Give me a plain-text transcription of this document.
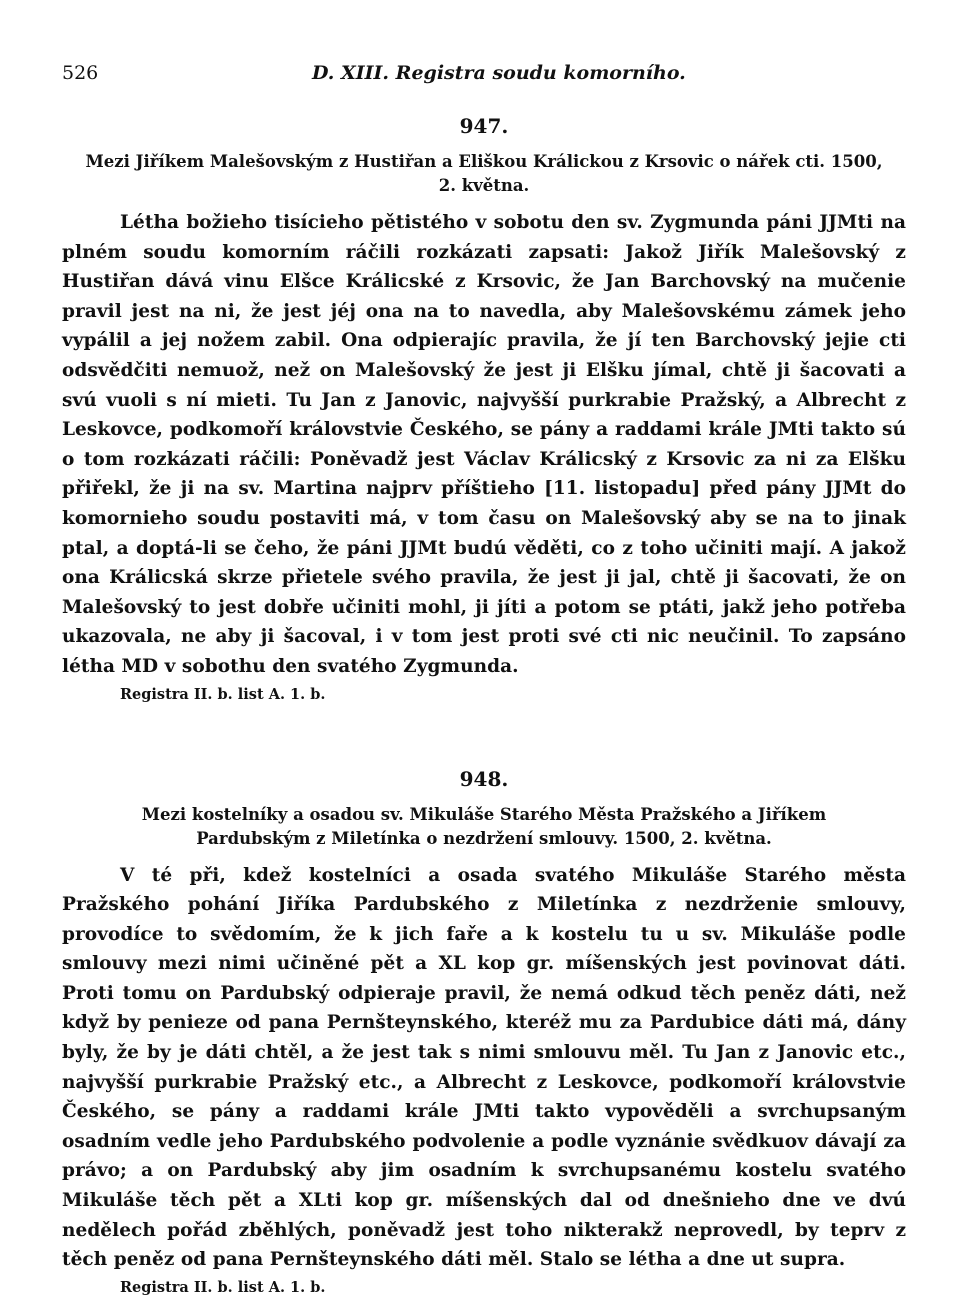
526	D. XIII. Registra soudu komorního.
947.
Mezi Jiříkem Malešovským z Hustiřan a Eliškou Králickou z Krsovic o nářek cti. 1500, 2. května.

Létha božieho tisícieho pětistého v sobotu den sv. Zygmunda páni JJMti na plném soudu komorním ráčili rozkázati zapsati: Jakož Jiřík Malešovský z Hustiřan dává vinu Elšce Králicské z Krsovic, že Jan Barchovský na mučenie pravil jest na ni, že jest jéj ona na to navedla, aby Malešovskému zámek jeho vypálil a jej nožem zabil. Ona odpierajíc pravila, že jí ten Barchovský jejie cti odsvědčiti nemuož, než on Malešovský že jest ji Elšku jímal, chtě ji šacovati a svú vuoli s ní mieti. Tu Jan z Janovic, najvyšší purkrabie Pražský, a Albrecht z Leskovce, podkomoří královstvie Českého, se pány a raddami krále JMti takto sú o tom rozkázati ráčili: Poněvadž jest Václav Králicský z Krsovic za ni za Elšku přiřekl, že ji na sv. Martina najprv příštieho [11. listopadu] před pány JJMt do komornieho soudu postaviti má, v tom času on Malešovský aby se na to jinak ptal, a doptá-li se čeho, že páni JJMt budú věděti, co z toho učiniti mají. A jakož ona Králicská skrze přietele svého pravila, že jest ji jal, chtě ji šacovati, že on Malešovský to jest dobře učiniti mohl, ji jíti a potom se ptáti, jakž jeho potřeba ukazovala, ne aby ji šacoval, i v tom jest proti své cti nic neučinil. To zapsáno létha MD v sobothu den svatého Zygmunda.

Registra II. b. list A. 1. b.
948.
Mezi kostelníky a osadou sv. Mikuláše Starého Města Pražského a Jiříkem Pardubským z Miletínka o nezdržení smlouvy. 1500, 2. května.

V té při, kdež kostelníci a osada svatého Mikuláše Starého města Pražského pohání Jiříka Pardubského z Miletínka z nezdrženie smlouvy, provodíce to svědomím, že k jich faře a k kostelu tu u sv. Mikuláše podle smlouvy mezi nimi učiněné pět a XL kop gr. míšenských jest povinovat dáti. Proti tomu on Pardubský odpieraje pravil, že nemá odkud těch peněz dáti, než když by penieze od pana Pernšteynského, kteréž mu za Pardubice dáti má, dány byly, že by je dáti chtěl, a že jest tak s nimi smlouvu měl. Tu Jan z Janovic etc., najvyšší purkrabie Pražský etc., a Albrecht z Leskovce, podkomoří královstvie Českého, se pány a raddami krále JMti takto vypověděli a svrchupsaným osadním vedle jeho Pardubského podvolenie a podle vyznánie svědkuov dávají za právo; a on Pardubský aby jim osadním k svrchupsanému kostelu svatého Mikuláše těch pět a XLti kop gr. míšenských dal od dnešnieho dne ve dvú nedělech pořád zběhlých, poněvadž jest toho nikterakž neprovedl, by teprv z těch peněz od pana Pernšteynského dáti měl. Stalo se létha a dne ut supra.

Registra II. b. list A. 1. b.
